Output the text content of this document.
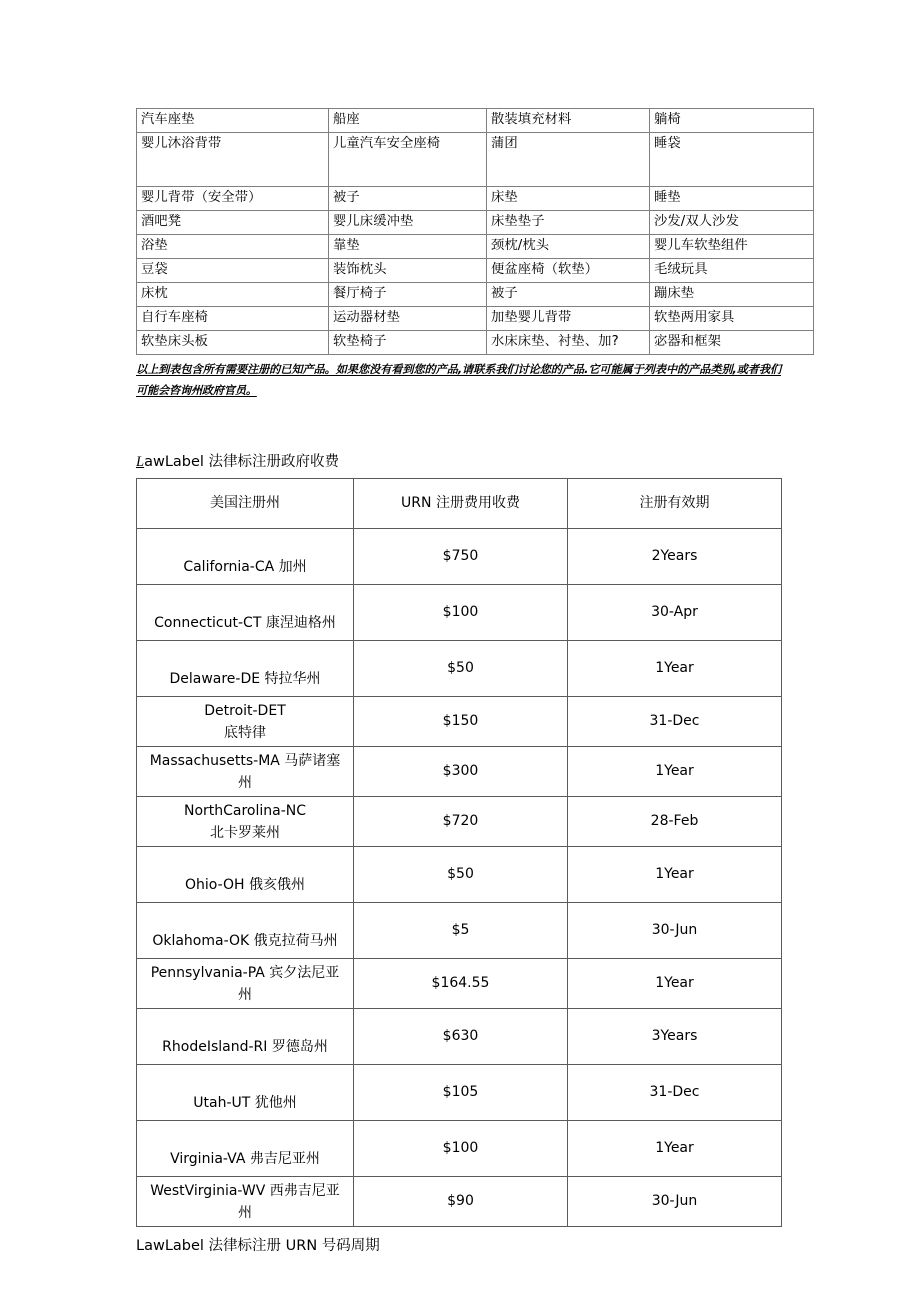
汽车座垫	船座	散装填充材料	躺椅
婴儿沐浴背带	儿童汽车安全座椅	蒲团	睡袋
婴儿背带（安全带）	被子	床垫	睡垫
酒吧凳	婴儿床缓冲垫	床垫垫子	沙发/双人沙发
浴垫	靠垫	颈枕/枕头	婴儿车软垫组件
豆袋	装饰枕头	便盆座椅（软垫）	毛绒玩具
床枕	餐厅椅子	被子	蹦床垫
自行车座椅	运动器材垫	加垫婴儿背带	软垫两用家具
软垫床头板	软垫椅子	水床床垫、衬垫、加?	宓器和框架

以上到表包含所有需要注册的已知产品。如果您没有看到您的产品,请联系我们讨论您的产品.它可能属于列表中的产品类别,或者我们可能会咨询州政府官员。

LawLabel 法律标注册政府收费

美国注册州	URN 注册费用收费	注册有效期
California-CA 加州	$750	2Years
Connecticut-CT 康涅迪格州	$100	30-Apr
Delaware-DE 特拉华州	$50	1Year

Detroit-DET
底特律	$150	31-Dec

Massachusetts-MA 马萨诸塞
州	$300	1Year

NorthCarolina-NC
北卡罗莱州	$720	28-Feb
Ohio-OH 俄亥俄州	$50	1Year
Oklahoma-OK 俄克拉荷马州	$5	30-Jun

Pennsylvania-PA 宾夕法尼亚
州	$164.55	1Year
RhodeIsland-RI 罗德岛州	$630	3Years
Utah-UT 犹他州	$105	31-Dec
Virginia-VA 弗吉尼亚州	$100	1Year

WestVirginia-WV 西弗吉尼亚
州	$90	30-Jun

LawLabel 法律标注册 URN 号码周期
